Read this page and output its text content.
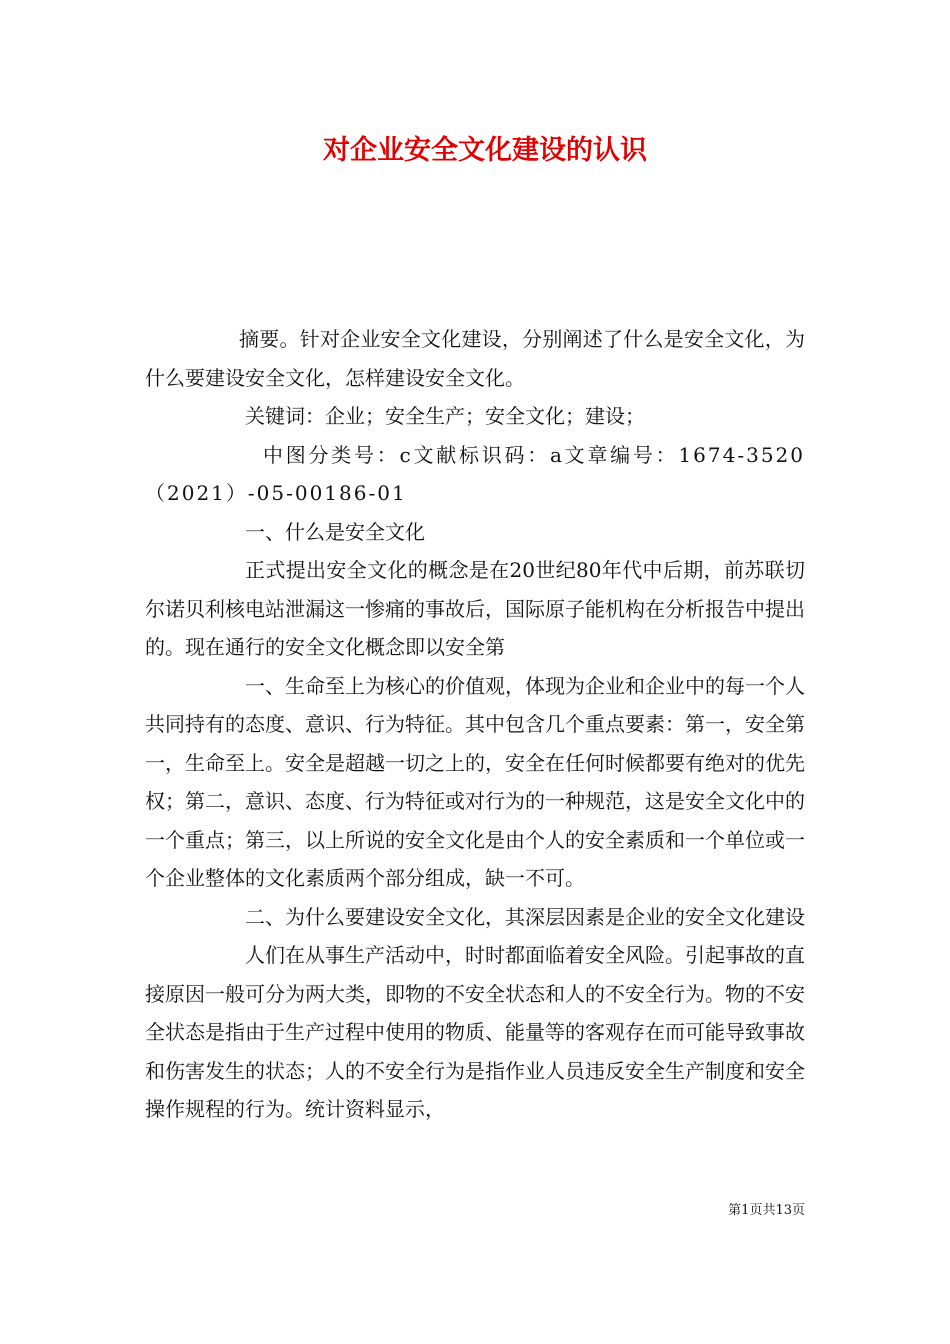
对企业安全文化建设的认识

摘要。针对企业安全文化建设，分别阐述了什么是安全文化，为什么要建设安全文化，怎样建设安全文化。

关键词：企业；安全生产；安全文化；建设；

中图分类号：c文献标识码：a文章编号：1674-3520（2021）-05-00186-01

一、什么是安全文化

正式提出安全文化的概念是在20世纪80年代中后期，前苏联切尔诺贝利核电站泄漏这一惨痛的事故后，国际原子能机构在分析报告中提出的。现在通行的安全文化概念即以安全第

一、生命至上为核心的价值观，体现为企业和企业中的每一个人共同持有的态度、意识、行为特征。其中包含几个重点要素：第一，安全第一，生命至上。安全是超越一切之上的，安全在任何时候都要有绝对的优先权；第二，意识、态度、行为特征或对行为的一种规范，这是安全文化中的一个重点；第三，以上所说的安全文化是由个人的安全素质和一个单位或一个企业整体的文化素质两个部分组成，缺一不可。

二、为什么要建设安全文化，其深层因素是企业的安全文化建设

人们在从事生产活动中，时时都面临着安全风险。引起事故的直接原因一般可分为两大类，即物的不安全状态和人的不安全行为。物的不安全状态是指由于生产过程中使用的物质、能量等的客观存在而可能导致事故和伤害发生的状态；人的不安全行为是指作业人员违反安全生产制度和安全操作规程的行为。统计资料显示，

第1页共13页
